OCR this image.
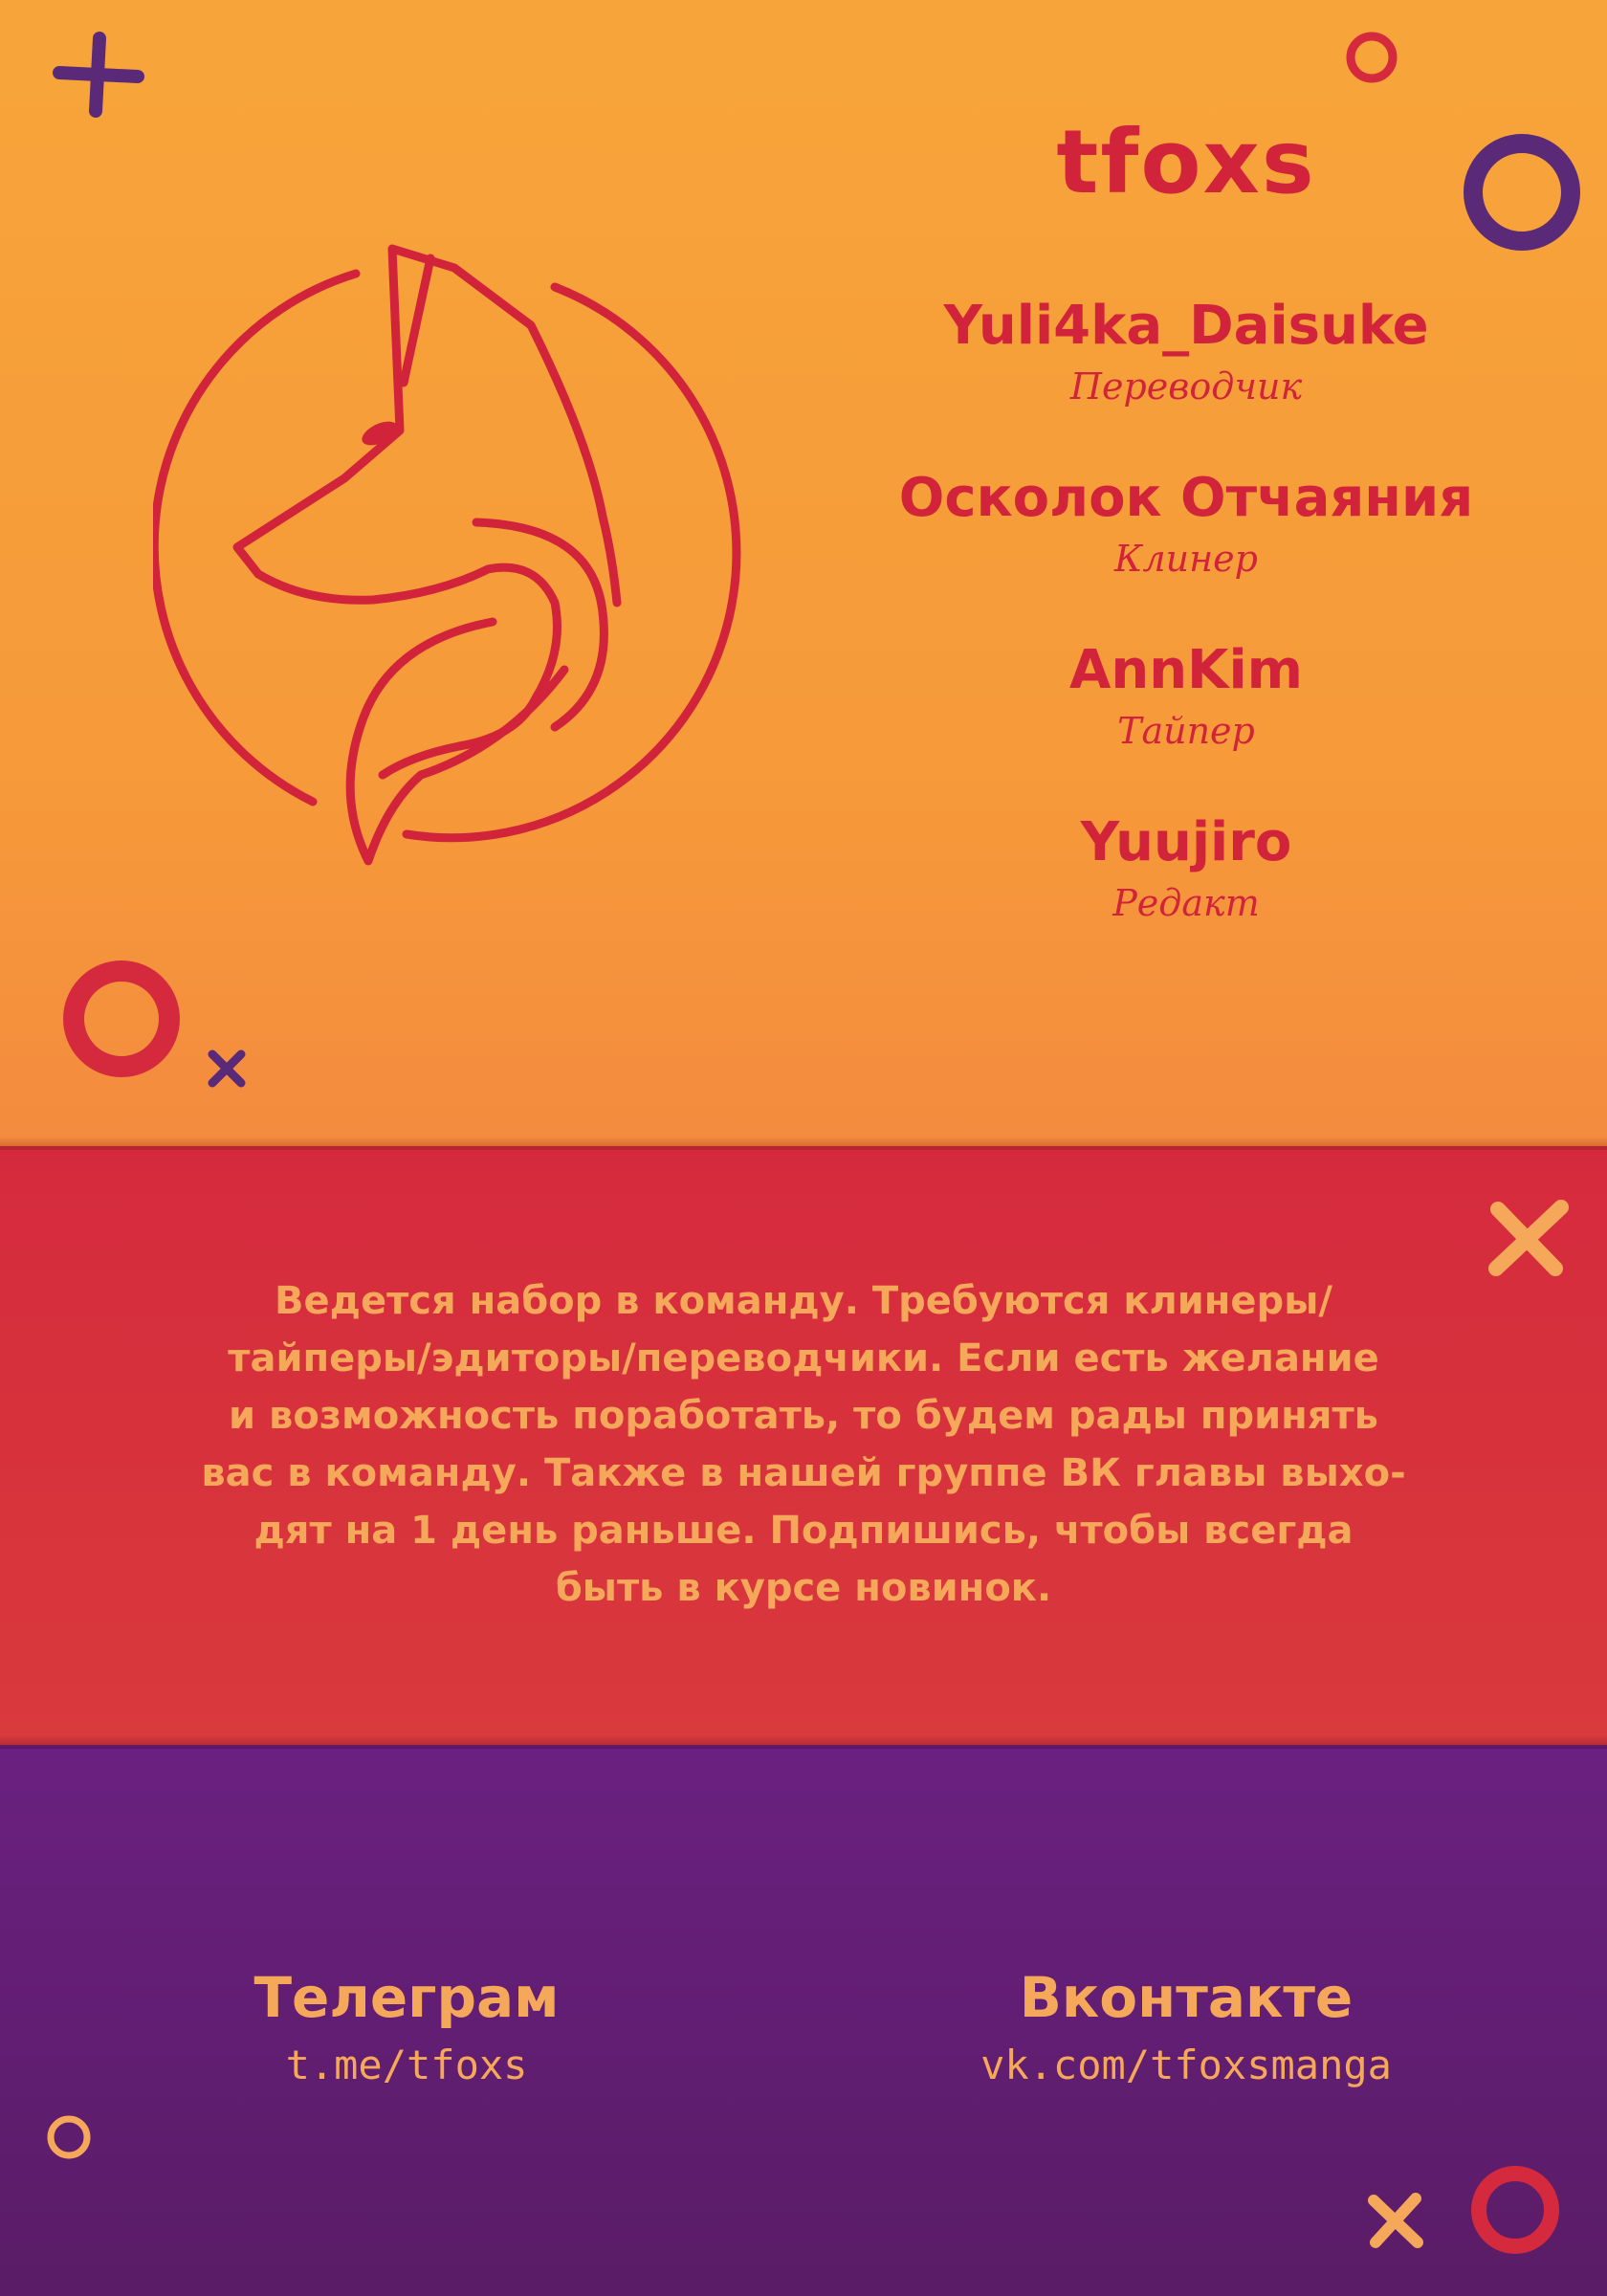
tfoxs
Yuli4ka_Daisuke
Переводчик
Осколок Отчаяния
Клинер
AnnKim
Тайпер
Yuujiro
Редакт
Ведется набор в команду. Требуются клинеры/
тайперы/эдиторы/переводчики. Если есть желание
и возможность поработать, то будем рады принять
вас в команду. Также в нашей группе ВК главы выхо-
дят на 1 день раньше. Подпишись, чтобы всегда
быть в курсе новинок.
Телеграм
t.me/tfoxs
Вконтакте
vk.com/tfoxsmanga
